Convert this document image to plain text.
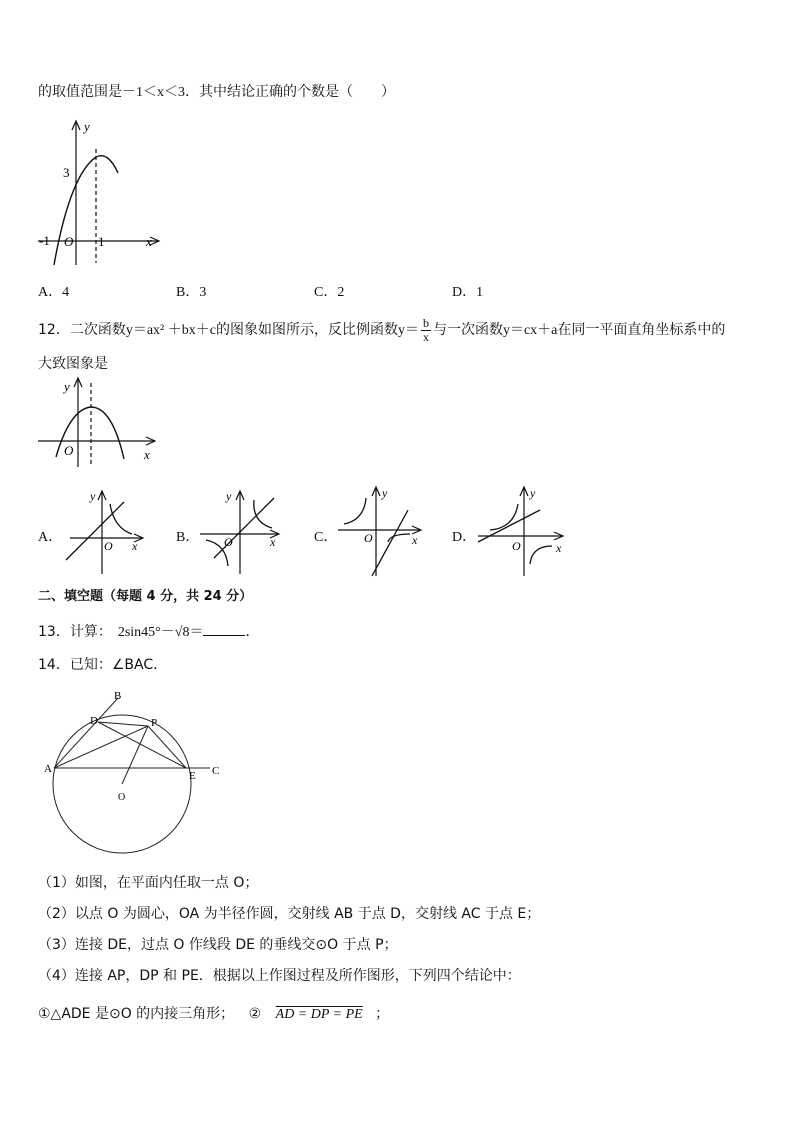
的取值范围是－1＜x＜3．其中结论正确的个数是（　　）
y
x
3
-1 O 1
A．4	B．3	C．2	D．1
12．二次函数y＝ax² ＋bx＋c的图象如图所示，反比例函数$y= \frac{b}{x}$ 与一次函数y＝cx＋a在同一平面直角坐标系中的
大致图象是
y
x
O
A．
y
x
O
B．
y
x
O	C．
y
x
O	D．
y
x
O
二、填空题（每题 4 分，共 24 分）
13．计算： 2sin45°－√8＝	．
14．已知：∠BAC．
B
D	P
A
E C
O
（1）如图，在平面内任取一点 O；
（2）以点 O 为圆心，OA 为半径作圆，交射线 AB 于点 D，交射线 AC 于点 E；
（3）连接 DE，过点 O 作线段 DE 的垂线交⊙O 于点 P；
（4）连接 AP，DP 和 PE．根据以上作图过程及所作图形，下列四个结论中：
①△ADE 是⊙O 的内接三角形； ② AD = DP = PE ；
